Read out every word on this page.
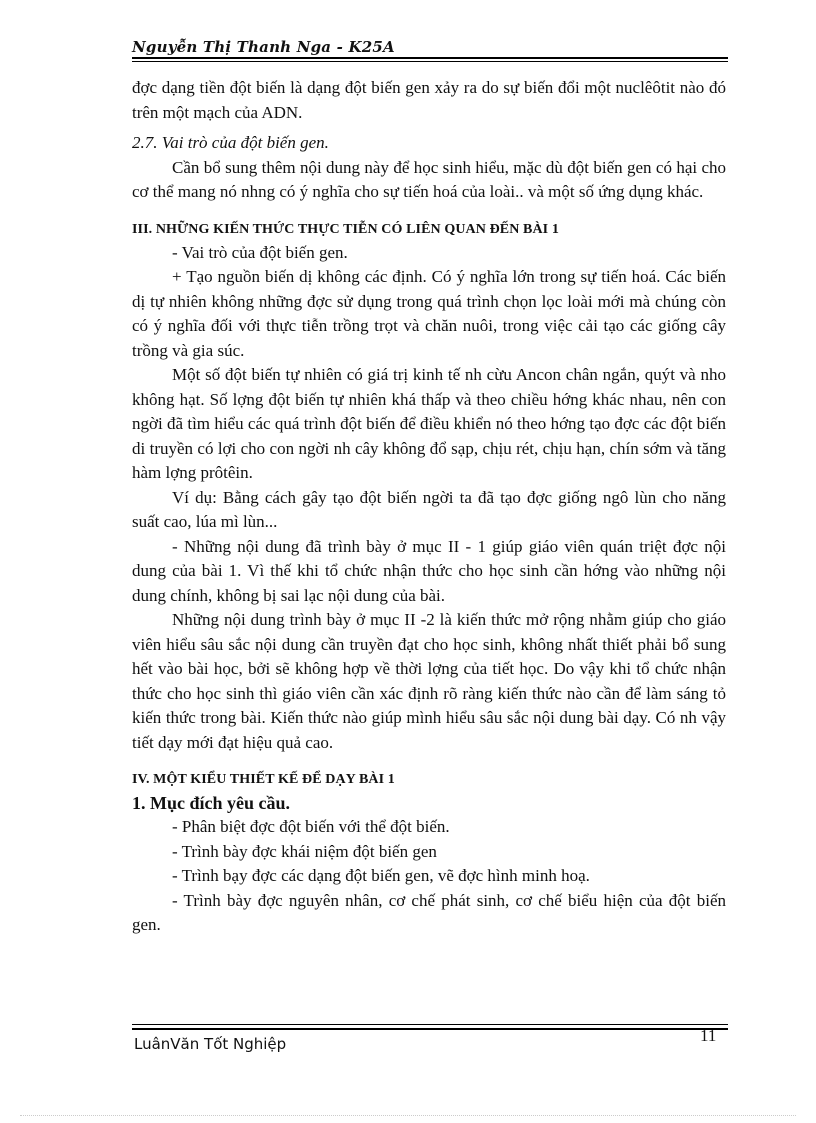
Nguyễn Thị Thanh Nga - K25A

đợc dạng tiền đột biến là dạng đột biến gen xảy ra do sự biến đổi một nuclêôtit nào đó trên một mạch của ADN.

2.7. Vai trò của đột biến gen.

Cần bổ sung thêm nội dung này để học sinh hiểu, mặc dù đột biến gen có hại cho cơ thể mang nó nhng có ý nghĩa cho sự tiến hoá của loài.. và một số ứng dụng khác.

III. NHỮNG KIẾN THỨC THỰC TIỄN CÓ LIÊN QUAN ĐẾN BÀI 1

- Vai trò của đột biến gen.

+ Tạo nguồn biến dị không các định. Có ý nghĩa lớn trong sự tiến hoá. Các biến dị tự nhiên không những đợc sử dụng trong quá trình chọn lọc loài mới mà chúng còn có ý nghĩa đối với thực tiễn trồng trọt và chăn nuôi, trong việc cải tạo các giống cây trồng và gia súc.

Một số đột biến tự nhiên có giá trị kinh tế nh cừu Ancon chân ngắn, quýt và nho không hạt. Số lợng đột biến tự nhiên khá thấp và theo chiều hớng khác nhau, nên con ngời đã tìm hiểu các quá trình đột biến để điều khiển nó theo hớng tạo đợc các đột biến di truyền có lợi cho con ngời nh cây không đổ sạp, chịu rét, chịu hạn, chín sớm và tăng hàm lợng prôtêin.

Ví dụ: Bằng cách gây tạo đột biến ngời ta đã tạo đợc giống ngô lùn cho năng suất cao, lúa mì lùn...

- Những nội dung đã trình bày ở mục II - 1 giúp giáo viên quán triệt đợc nội dung của bài 1. Vì thế khi tổ chức nhận thức cho học sinh cần hớng vào những nội dung chính, không bị sai lạc nội dung của bài.

Những nội dung trình bày ở mục II -2 là kiến thức mở rộng nhằm giúp cho giáo viên hiểu sâu sắc nội dung cần truyền đạt cho học sinh, không nhất thiết phải bổ sung hết vào bài học, bởi sẽ không hợp về thời lợng của tiết học. Do vậy khi tổ chức nhận thức cho học sinh thì giáo viên cần xác định rõ ràng kiến thức nào cần để làm sáng tỏ kiến thức trong bài. Kiến thức nào giúp mình hiểu sâu sắc nội dung bài dạy. Có nh vậy tiết dạy mới đạt hiệu quả cao.

IV. MỘT KIỂU THIẾT KẾ ĐỂ DẠY BÀI 1

1. Mục đích yêu cầu.

- Phân biệt đợc đột biến với thể đột biến.

- Trình bày đợc khái niệm đột biến gen

- Trình bạy đợc các dạng đột biến gen, vẽ đợc hình minh hoạ.

- Trình bày đợc nguyên nhân, cơ chế phát sinh, cơ chế biểu hiện của đột biến gen.

LuânVăn Tốt Nghiệp	11
